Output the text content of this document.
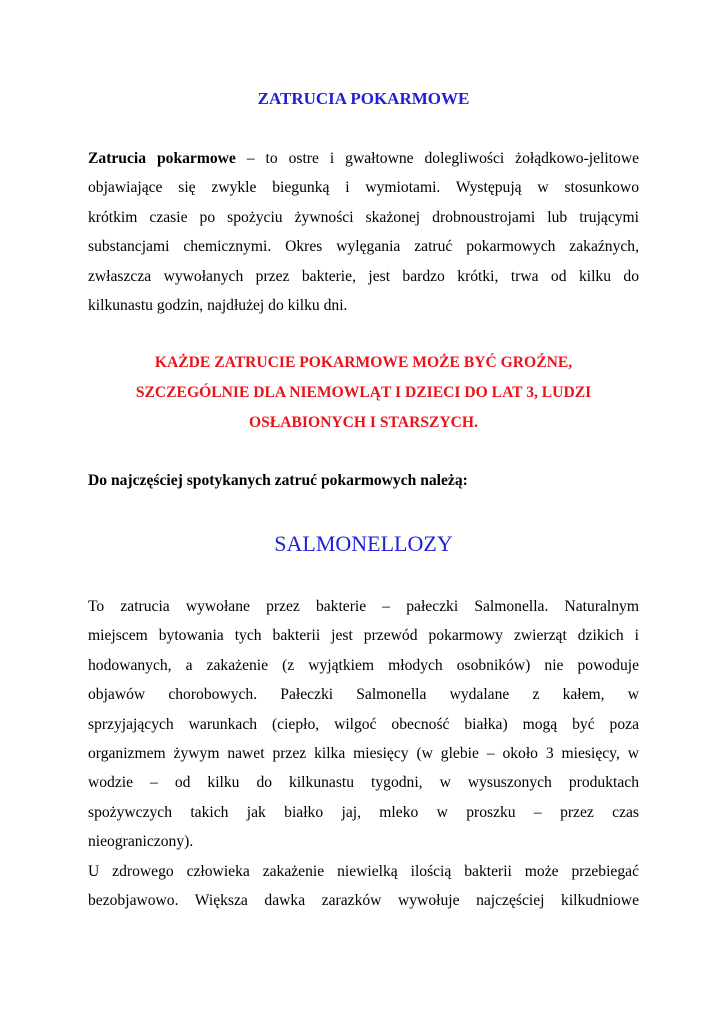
ZATRUCIA POKARMOWE
Zatrucia pokarmowe – to ostre i gwałtowne dolegliwości żołądkowo-jelitowe
objawiające się zwykle biegunką i wymiotami. Występują w stosunkowo
krótkim czasie po spożyciu żywności skażonej drobnoustrojami lub trującymi
substancjami chemicznymi. Okres wylęgania zatruć pokarmowych zakaźnych,
zwłaszcza wywołanych przez bakterie, jest bardzo krótki, trwa od kilku do
kilkunastu godzin, najdłużej do kilku dni.
KAŻDE ZATRUCIE POKARMOWE MOŻE BYĆ GROŹNE,
SZCZEGÓLNIE DLA NIEMOWLĄT I DZIECI DO LAT 3, LUDZI
OSŁABIONYCH I STARSZYCH.
Do najczęściej spotykanych zatruć pokarmowych należą:
SALMONELLOZY
To zatrucia wywołane przez bakterie – pałeczki Salmonella. Naturalnym
miejscem bytowania tych bakterii jest przewód pokarmowy zwierząt dzikich i
hodowanych, a zakażenie (z wyjątkiem młodych osobników) nie powoduje
objawów chorobowych. Pałeczki Salmonella wydalane z kałem, w
sprzyjających warunkach (ciepło, wilgoć obecność białka) mogą być poza
organizmem żywym nawet przez kilka miesięcy (w glebie – około 3 miesięcy, w
wodzie – od kilku do kilkunastu tygodni, w wysuszonych produktach
spożywczych takich jak białko jaj, mleko w proszku – przez czas
nieograniczony).
U zdrowego człowieka zakażenie niewielką ilością bakterii może przebiegać
bezobjawowo. Większa dawka zarazków wywołuje najczęściej kilkudniowe
